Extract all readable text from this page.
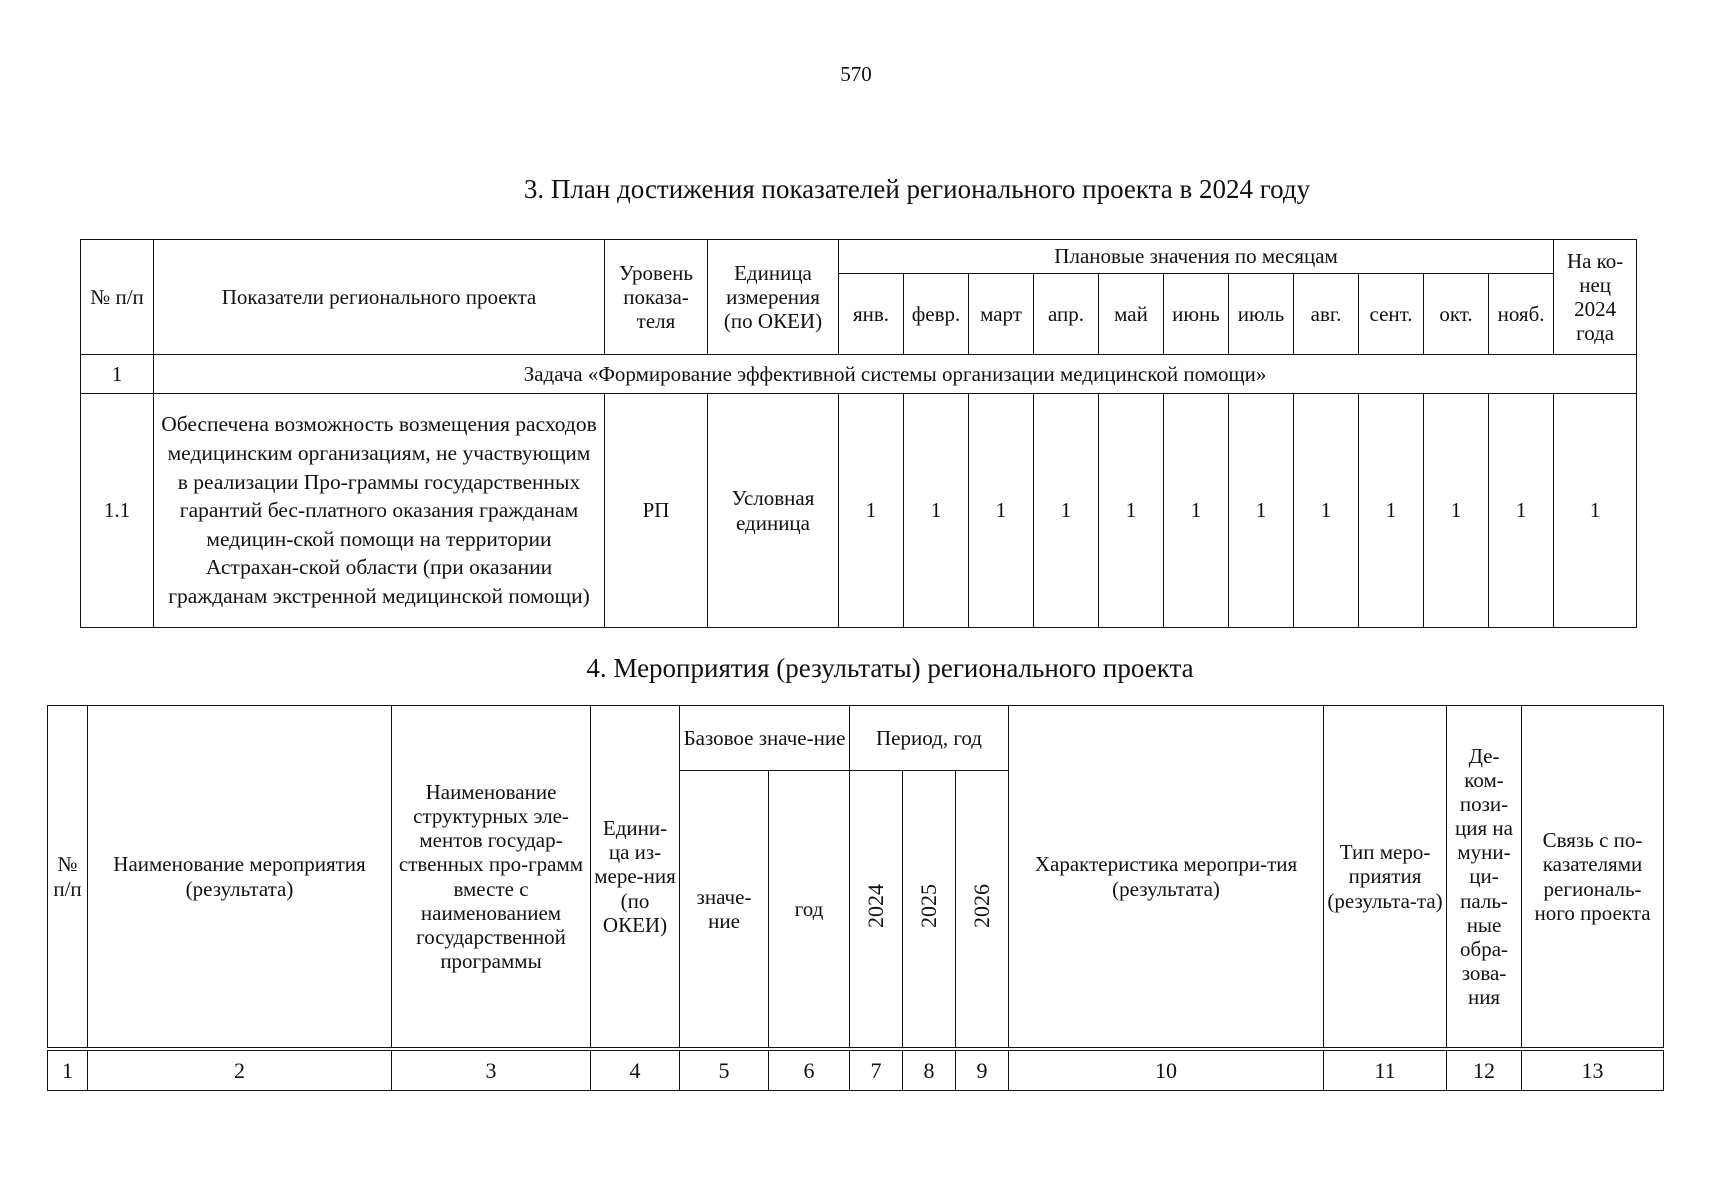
570
3. План достижения показателей регионального проекта в 2024 году
№ п/п	Показатели регионального проекта	Уровень показа-теля	Единица измерения (по ОКЕИ)	Плановые значения по месяцам											На ко-нец 2024 года
				янв.	февр.	март	апр.	май	июнь	июль	авг.	сент.	окт.	нояб.	
1	Задача «Формирование эффективной системы организации медицинской помощи»														
1.1	Обеспечена возможность возмещения расходов медицинским организациям, не участвующим в реализации Про-граммы государственных гарантий бес-платного оказания гражданам медицин-ской помощи на территории Астрахан-ской области (при оказании гражданам экстренной медицинской помощи)	РП	Условная единица	1	1	1	1	1	1	1	1	1	1	1	1
4. Мероприятия (результаты) регионального проекта
№ п/п	Наименование мероприятия (результата)	Наименование структурных эле-ментов государ-ственных про-грамм вместе с наименованием государственной программы	Едини-ца из-мере-ния (по ОКЕИ)	Базовое значе-ние		Период, год			Характеристика меропри-тия (результата)	Тип меро-приятия (результа-та)	Де-ком-пози-ция на муни-ци-паль-ные обра-зова-ния	Связь с по-казателями региональ-ного проекта
				значе-ние	год	2024	2025	2026				
1	2	3	4	5	6	7	8	9	10	11	12	13
